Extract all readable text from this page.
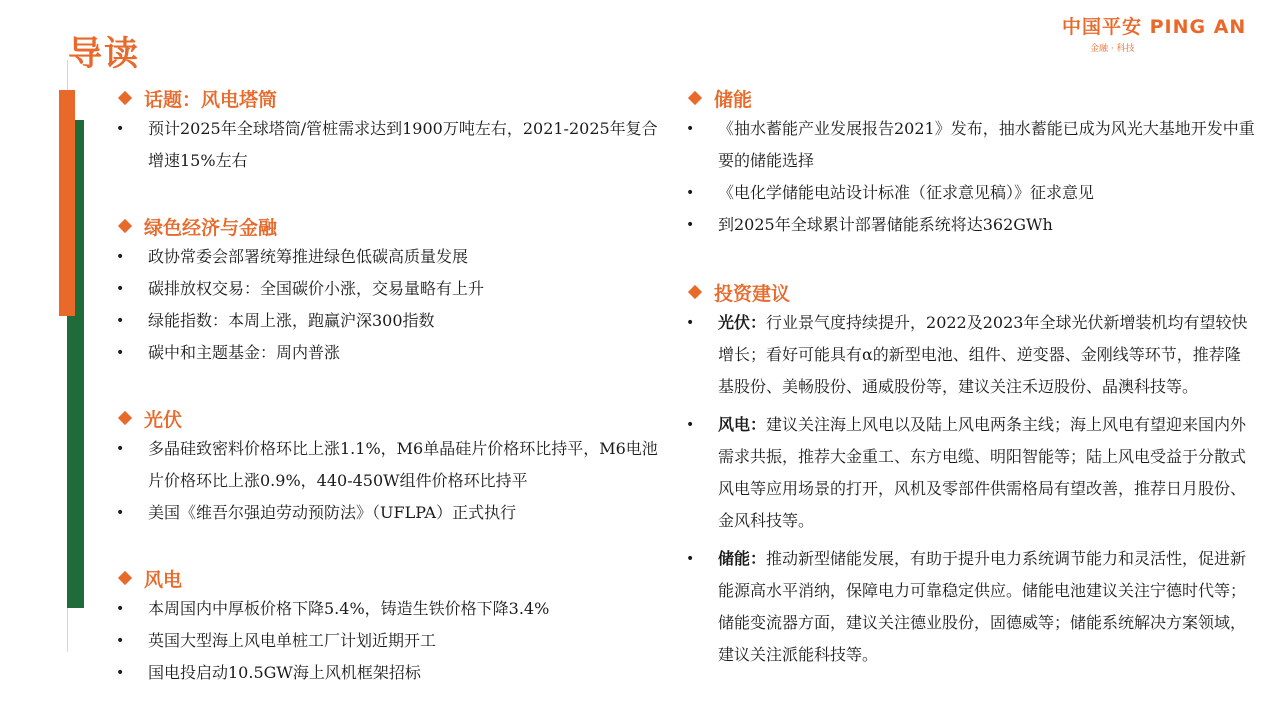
导读
中国平安 PING AN
金融 · 科技
话题：风电塔筒
• 预计2025年全球塔筒/管桩需求达到1900万吨左右，2021-2025年复合增速15%左右
绿色经济与金融
• 政协常委会部署统筹推进绿色低碳高质量发展
• 碳排放权交易：全国碳价小涨，交易量略有上升
• 绿能指数：本周上涨，跑赢沪深300指数
• 碳中和主题基金：周内普涨
光伏
• 多晶硅致密料价格环比上涨1.1%，M6单晶硅片价格环比持平，M6电池片价格环比上涨0.9%，440-450W组件价格环比持平
• 美国《维吾尔强迫劳动预防法》（UFLPA）正式执行
风电
• 本周国内中厚板价格下降5.4%，铸造生铁价格下降3.4%
• 英国大型海上风电单桩工厂计划近期开工
• 国电投启动10.5GW海上风机框架招标
储能
• 《抽水蓄能产业发展报告2021》发布，抽水蓄能已成为风光大基地开发中重要的储能选择
• 《电化学储能电站设计标准（征求意见稿）》征求意见
• 到2025年全球累计部署储能系统将达362GWh
投资建议
• 光伏：行业景气度持续提升，2022及2023年全球光伏新增装机均有望较快增长；看好可能具有α的新型电池、组件、逆变器、金刚线等环节，推荐隆基股份、美畅股份、通威股份等，建议关注禾迈股份、晶澳科技等。
• 风电：建议关注海上风电以及陆上风电两条主线；海上风电有望迎来国内外需求共振，推荐大金重工、东方电缆、明阳智能等；陆上风电受益于分散式风电等应用场景的打开，风机及零部件供需格局有望改善，推荐日月股份、金风科技等。
• 储能：推动新型储能发展，有助于提升电力系统调节能力和灵活性，促进新能源高水平消纳，保障电力可靠稳定供应。储能电池建议关注宁德时代等；储能变流器方面，建议关注德业股份，固德威等；储能系统解决方案领域，建议关注派能科技等。
